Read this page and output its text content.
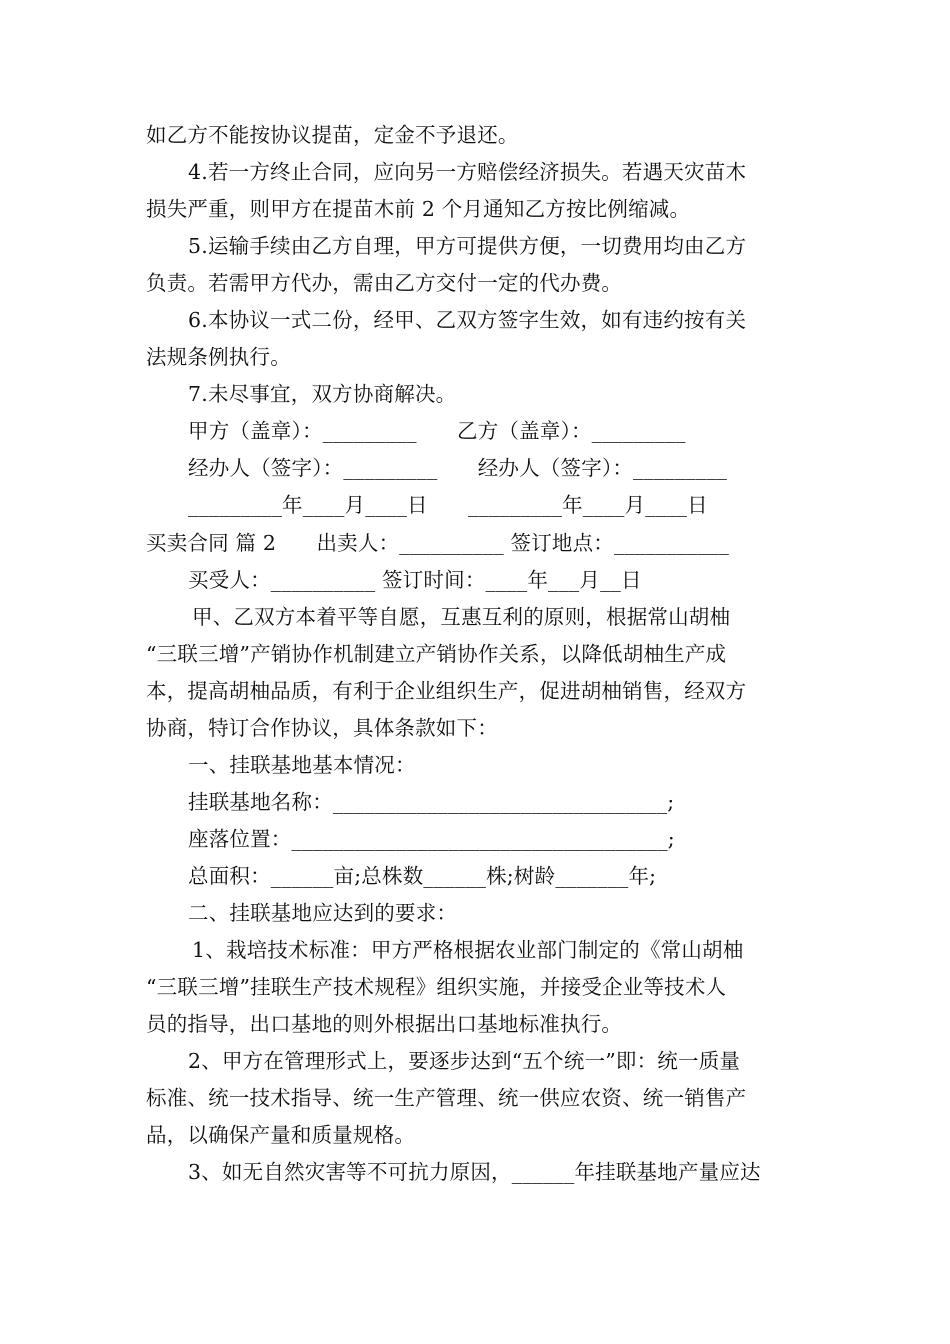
如乙方不能按协议提苗，定金不予退还。
4.若一方终止合同，应向另一方赔偿经济损失。若遇天灾苗木
损失严重，则甲方在提苗木前 2 个月通知乙方按比例缩减。
5.运输手续由乙方自理，甲方可提供方便，一切费用均由乙方
负责。若需甲方代办，需由乙方交付一定的代办费。
6.本协议一式二份，经甲、乙双方签字生效，如有违约按有关
法规条例执行。
7.未尽事宜，双方协商解决。
甲方（盖章）：_________      乙方（盖章）：_________
经办人（签字）：_________      经办人（签字）：_________
_________年____月____日      _________年____月____日
买卖合同 篇 2      出卖人：__________ 签订地点：___________
买受人：__________ 签订时间：____年___月__日
甲、乙双方本着平等自愿，互惠互利的原则，根据常山胡柚
“三联三增”产销协作机制建立产销协作关系，以降低胡柚生产成
本，提高胡柚品质，有利于企业组织生产，促进胡柚销售，经双方
协商，特订合作协议，具体条款如下：
一、挂联基地基本情况：
挂联基地名称：________________________________;
座落位置：____________________________________;
总面积：______亩;总株数______株;树龄_______年;
二、挂联基地应达到的要求：
1、栽培技术标准：甲方严格根据农业部门制定的《常山胡柚
“三联三增”挂联生产技术规程》组织实施，并接受企业等技术人
员的指导，出口基地的则外根据出口基地标准执行。
2、甲方在管理形式上，要逐步达到“五个统一”即：统一质量
标准、统一技术指导、统一生产管理、统一供应农资、统一销售产
品，以确保产量和质量规格。
3、如无自然灾害等不可抗力原因，______年挂联基地产量应达
